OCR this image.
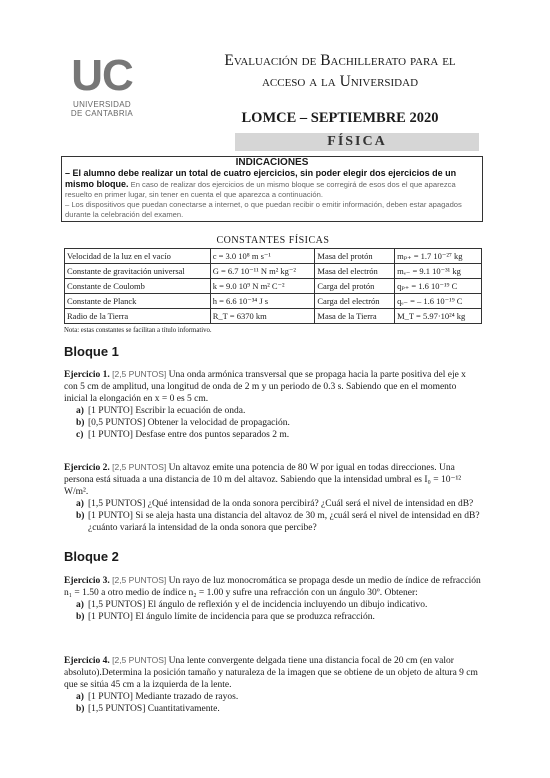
UC
UNIVERSIDAD
DE CANTABRIA
Evaluación de Bachillerato para el
acceso a la Universidad
LOMCE – SEPTIEMBRE 2020
FÍSICA
INDICACIONES

– El alumno debe realizar un total de cuatro ejercicios, sin poder elegir dos ejercicios de un mismo bloque. En caso de realizar dos ejercicios de un mismo bloque se corregirá de esos dos el que aparezca resuelto en primer lugar, sin tener en cuenta el que aparezca a continuación.

– Los dispositivos que puedan conectarse a internet, o que puedan recibir o emitir información, deben estar apagados durante la celebración del examen.

CONSTANTES FÍSICAS			
Velocidad de la luz en el vacío	c = 3.0 10⁸ m s⁻¹	Masa del protón	mₚ₊ = 1.7 10⁻²⁷ kg
Constante de gravitación universal	G = 6.7 10⁻¹¹ N m² kg⁻²	Masa del electrón	mₑ₋ = 9.1 10⁻³¹ kg
Constante de Coulomb	k = 9.0 10⁹ N m² C⁻²	Carga del protón	qₚ₊ = 1.6 10⁻¹⁹ C
Constante de Planck	h = 6.6 10⁻³⁴ J s	Carga del electrón	qₑ₋ = – 1.6 10⁻¹⁹ C
Radio de la Tierra	R_T = 6370 km	Masa de la Tierra	M_T = 5.97·10²⁴ kg
Nota: estas constantes se facilitan a título informativo.
Bloque 1
Ejercicio 1. [2,5 PUNTOS] Una onda armónica transversal que se propaga hacia la parte positiva del eje x con 5 cm de amplitud, una longitud de onda de 2 m y un periodo de 0.3 s. Sabiendo que en el momento inicial la elongación en x = 0 es 5 cm.
a) [1 PUNTO] Escribir la ecuación de onda.
b) [0,5 PUNTOS] Obtener la velocidad de propagación.
c) [1 PUNTO] Desfase entre dos puntos separados 2 m.
Ejercicio 2. [2,5 PUNTOS] Un altavoz emite una potencia de 80 W por igual en todas direcciones. Una persona está situada a una distancia de 10 m del altavoz. Sabiendo que la intensidad umbral es I₀ = 10⁻¹² W/m².
a) [1,5 PUNTOS] ¿Qué intensidad de la onda sonora percibirá? ¿Cuál será el nivel de intensidad en dB?
b) [1 PUNTO] Si se aleja hasta una distancia del altavoz de 30 m, ¿cuál será el nivel de intensidad en dB? ¿cuánto variará la intensidad de la onda sonora que percibe?
Bloque 2
Ejercicio 3. [2,5 PUNTOS] Un rayo de luz monocromática se propaga desde un medio de índice de refracción n₁ = 1.50 a otro medio de índice n₂ = 1.00 y sufre una refracción con un ángulo 30º. Obtener:
a) [1,5 PUNTOS] El ángulo de reflexión y el de incidencia incluyendo un dibujo indicativo.
b) [1 PUNTO] El ángulo límite de incidencia para que se produzca refracción.
Ejercicio 4. [2,5 PUNTOS] Una lente convergente delgada tiene una distancia focal de 20 cm (en valor absoluto).Determina la posición tamaño y naturaleza de la imagen que se obtiene de un objeto de altura 9 cm que se sitúa 45 cm a la izquierda de la lente.
a) [1 PUNTO] Mediante trazado de rayos.
b) [1,5 PUNTOS] Cuantitativamente.
